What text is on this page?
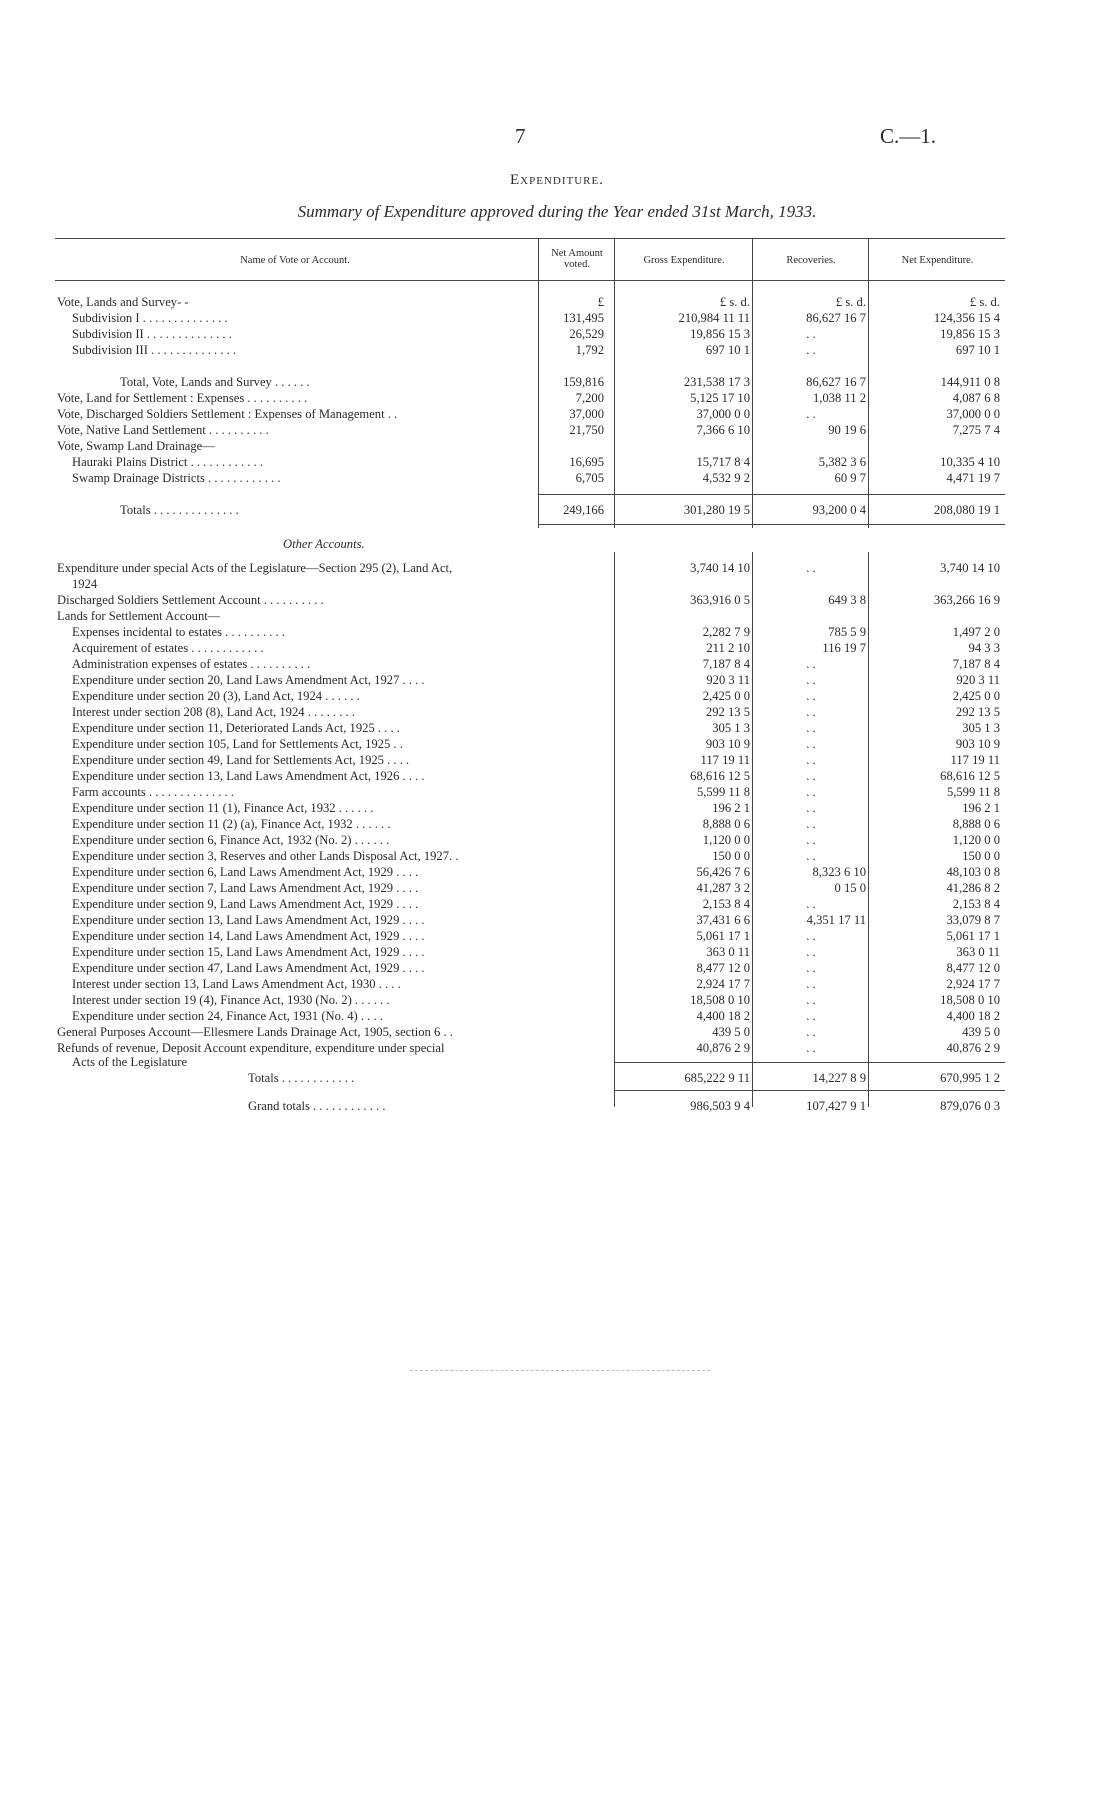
7	C.—1.
Expenditure.
Summary of Expenditure approved during the Year ended 31st March, 1933.
Name of Vote or Account.
Net Amount
voted.	Gross Expenditure.	Recoveries.	Net Expenditure.
£	£ s. d.	£ s. d.	£ s. d.
Vote, Lands and Survey- -
Subdivision I . . . . . . . . . . . . . .	131,495	210,984 11 11	86,627 16 7	124,356 15 4
Subdivision II . . . . . . . . . . . . . .	26,529	19,856 15 3	. .	19,856 15 3
Subdivision III . . . . . . . . . . . . . .	1,792	697 10 1	. .	697 10 1
Total, Vote, Lands and Survey . . . . . .	159,816	231,538 17 3	86,627 16 7	144,911 0 8
Vote, Land for Settlement : Expenses . . . . . . . . . .	7,200	5,125 17 10	1,038 11 2	4,087 6 8
Vote, Discharged Soldiers Settlement : Expenses of Management . .	37,000	37,000 0 0	. .	37,000 0 0
Vote, Native Land Settlement . . . . . . . . . .	21,750	7,366 6 10	90 19 6	7,275 7 4
Vote, Swamp Land Drainage—
Hauraki Plains District . . . . . . . . . . . .	16,695	15,717 8 4	5,382 3 6	10,335 4 10
Swamp Drainage Districts . . . . . . . . . . . .	6,705	4,532 9 2	60 9 7	4,471 19 7
Totals . . . . . . . . . . . . . .	249,166	301,280 19 5	93,200 0 4	208,080 19 1
Other Accounts.
Expenditure under special Acts of the Legislature—Section 295 (2), Land Act,	3,740 14 10	. .	3,740 14 10
1924
Discharged Soldiers Settlement Account . . . . . . . . . .	363,916 0 5	649 3 8	363,266 16 9
Lands for Settlement Account—
Expenses incidental to estates . . . . . . . . . .	2,282 7 9	785 5 9	1,497 2 0
Acquirement of estates . . . . . . . . . . . .	211 2 10	116 19 7	94 3 3
Administration expenses of estates . . . . . . . . . .	7,187 8 4	. .	7,187 8 4
Expenditure under section 20, Land Laws Amendment Act, 1927 . . . .	920 3 11	. .	920 3 11
Expenditure under section 20 (3), Land Act, 1924 . . . . . .	2,425 0 0	. .	2,425 0 0
Interest under section 208 (8), Land Act, 1924 . . . . . . . .	292 13 5	. .	292 13 5
Expenditure under section 11, Deteriorated Lands Act, 1925 . . . .	305 1 3	. .	305 1 3
Expenditure under section 105, Land for Settlements Act, 1925 . .	903 10 9	. .	903 10 9
Expenditure under section 49, Land for Settlements Act, 1925 . . . .	117 19 11	. .	117 19 11
Expenditure under section 13, Land Laws Amendment Act, 1926 . . . .	68,616 12 5	. .	68,616 12 5
Farm accounts . . . . . . . . . . . . . .	5,599 11 8	. .	5,599 11 8
Expenditure under section 11 (1), Finance Act, 1932 . . . . . .	196 2 1	. .	196 2 1
Expenditure under section 11 (2) (a), Finance Act, 1932 . . . . . .	8,888 0 6	. .	8,888 0 6
Expenditure under section 6, Finance Act, 1932 (No. 2) . . . . . .	1,120 0 0	. .	1,120 0 0
Expenditure under section 3, Reserves and other Lands Disposal Act, 1927. .	150 0 0	. .	150 0 0
Expenditure under section 6, Land Laws Amendment Act, 1929 . . . .	56,426 7 6	8,323 6 10	48,103 0 8
Expenditure under section 7, Land Laws Amendment Act, 1929 . . . .	41,287 3 2	0 15 0	41,286 8 2
Expenditure under section 9, Land Laws Amendment Act, 1929 . . . .	2,153 8 4	. .	2,153 8 4
Expenditure under section 13, Land Laws Amendment Act, 1929 . . . .	37,431 6 6	4,351 17 11	33,079 8 7
Expenditure under section 14, Land Laws Amendment Act, 1929 . . . .	5,061 17 1	. .	5,061 17 1
Expenditure under section 15, Land Laws Amendment Act, 1929 . . . .	363 0 11	. .	363 0 11
Expenditure under section 47, Land Laws Amendment Act, 1929 . . . .	8,477 12 0	. .	8,477 12 0
Interest under section 13, Land Laws Amendment Act, 1930 . . . .	2,924 17 7	. .	2,924 17 7
Interest under section 19 (4), Finance Act, 1930 (No. 2) . . . . . .	18,508 0 10	. .	18,508 0 10
Expenditure under section 24, Finance Act, 1931 (No. 4) . . . .	4,400 18 2	. .	4,400 18 2
General Purposes Account—Ellesmere Lands Drainage Act, 1905, section 6 . .	439 5 0	. .	439 5 0
Refunds of revenue, Deposit Account expenditure, expenditure under special	40,876 2 9	. .	40,876 2 9
Acts of the Legislature
Totals . . . . . . . . . . . .	685,222 9 11	14,227 8 9	670,995 1 2
Grand totals . . . . . . . . . . . .	986,503 9 4	107,427 9 1	879,076 0 3
